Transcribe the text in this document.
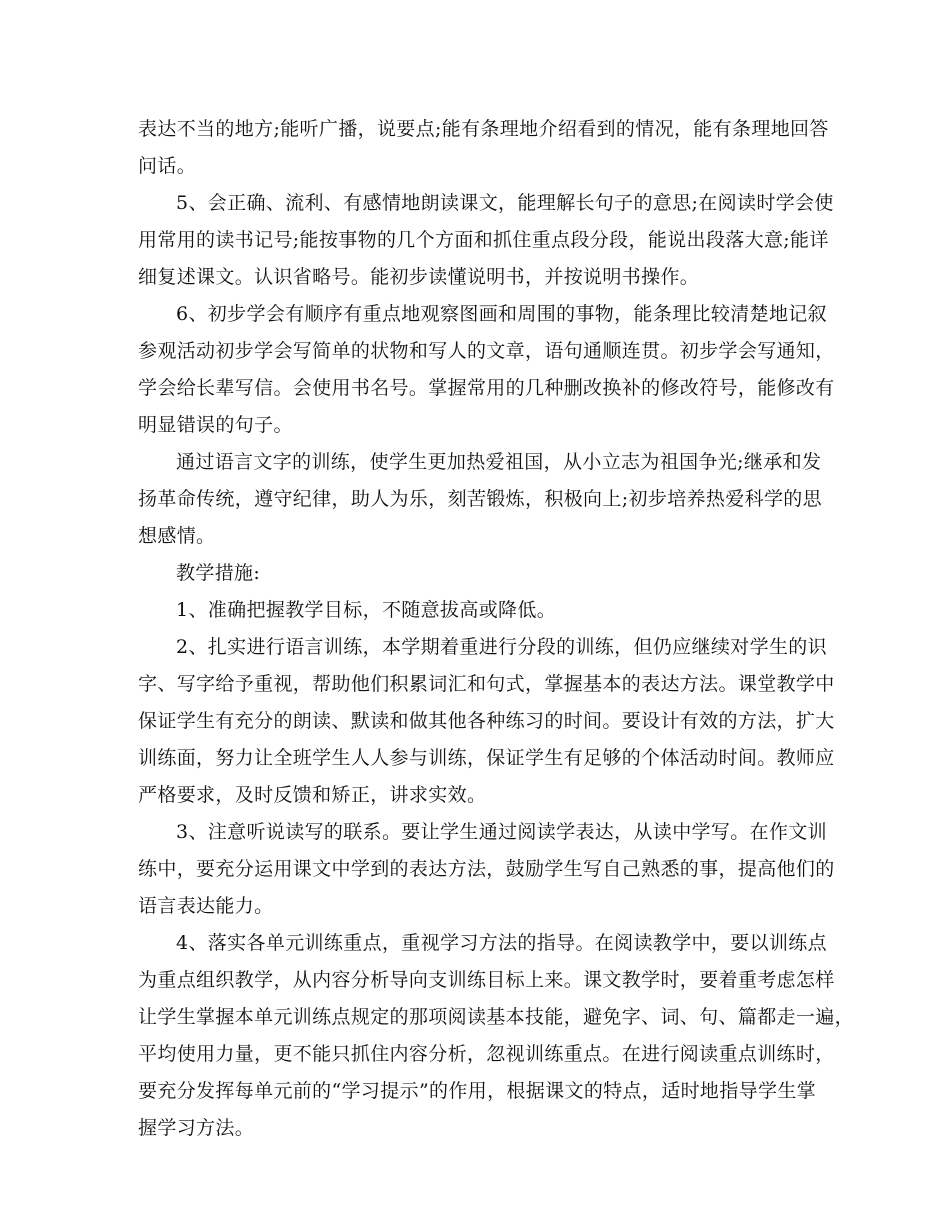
表达不当的地方;能听广播，说要点;能有条理地介绍看到的情况，能有条理地回答
问话。
5、会正确、流利、有感情地朗读课文，能理解长句子的意思;在阅读时学会使
用常用的读书记号;能按事物的几个方面和抓住重点段分段，能说出段落大意;能详
细复述课文。认识省略号。能初步读懂说明书，并按说明书操作。
6、初步学会有顺序有重点地观察图画和周围的事物，能条理比较清楚地记叙
参观活动初步学会写简单的状物和写人的文章，语句通顺连贯。初步学会写通知，
学会给长辈写信。会使用书名号。掌握常用的几种删改换补的修改符号，能修改有
明显错误的句子。
通过语言文字的训练，使学生更加热爱祖国，从小立志为祖国争光;继承和发
扬革命传统，遵守纪律，助人为乐，刻苦锻炼，积极向上;初步培养热爱科学的思
想感情。
教学措施:
1、准确把握教学目标，不随意拔高或降低。
2、扎实进行语言训练，本学期着重进行分段的训练，但仍应继续对学生的识
字、写字给予重视，帮助他们积累词汇和句式，掌握基本的表达方法。课堂教学中
保证学生有充分的朗读、默读和做其他各种练习的时间。要设计有效的方法，扩大
训练面，努力让全班学生人人参与训练，保证学生有足够的个体活动时间。教师应
严格要求，及时反馈和矫正，讲求实效。
3、注意听说读写的联系。要让学生通过阅读学表达，从读中学写。在作文训
练中，要充分运用课文中学到的表达方法，鼓励学生写自己熟悉的事，提高他们的
语言表达能力。
4、落实各单元训练重点，重视学习方法的指导。在阅读教学中，要以训练点
为重点组织教学，从内容分析导向支训练目标上来。课文教学时，要着重考虑怎样
让学生掌握本单元训练点规定的那项阅读基本技能，避免字、词、句、篇都走一遍，
平均使用力量，更不能只抓住内容分析，忽视训练重点。在进行阅读重点训练时，
要充分发挥每单元前的“学习提示”的作用，根据课文的特点，适时地指导学生掌
握学习方法。
